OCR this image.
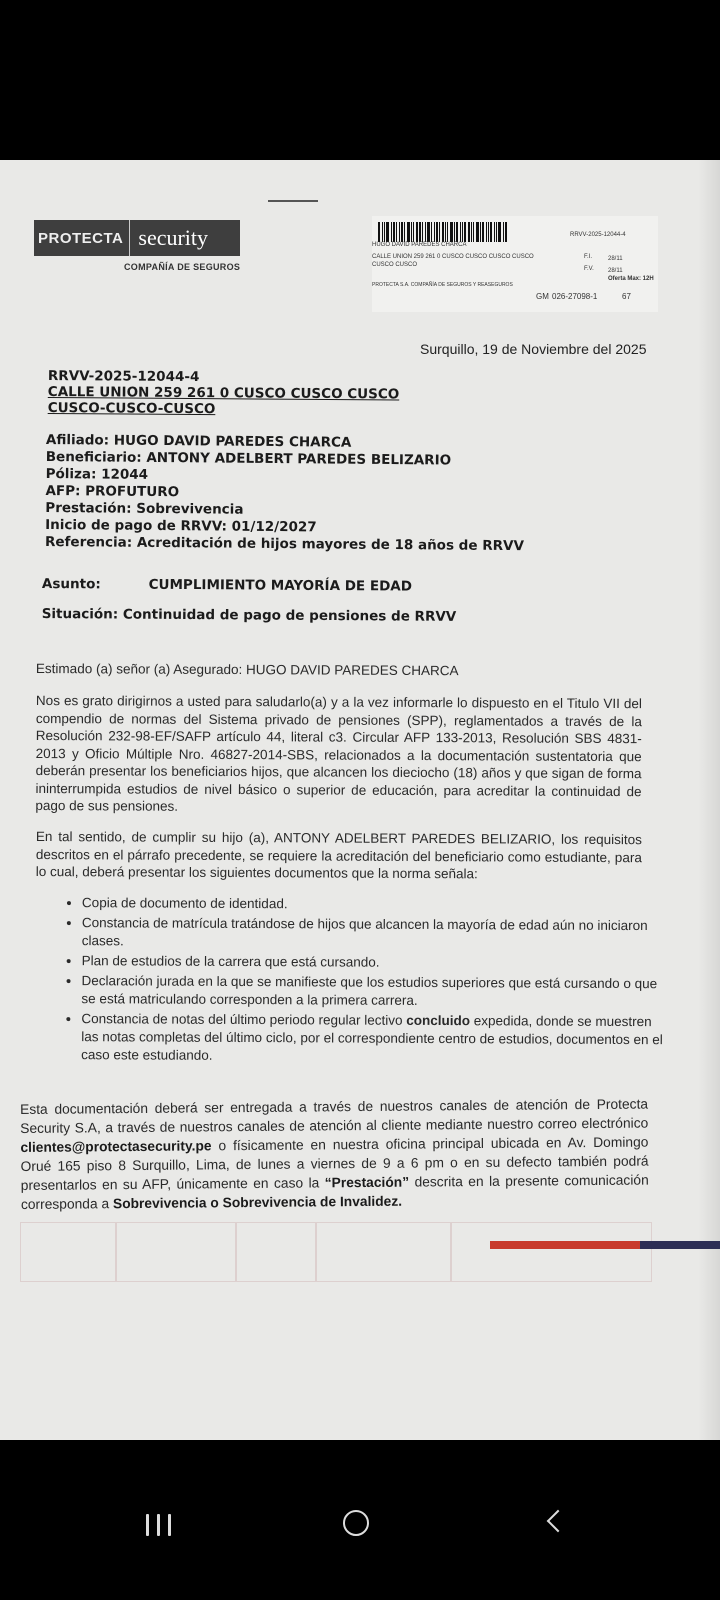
PROTECTA security
COMPAÑÍA DE SEGUROS
RRVV-2025-12044-4
HUGO DAVID PAREDES CHARCA
CALLE UNION 259 261 0 CUSCO CUSCO CUSCO CUSCO
CUSCO CUSCO
F.I.	28/11
F.V. 28/11
Oferta Max: 12H
PROTECTA S.A. COMPAÑÍA DE SEGUROS Y REASEGUROS
GM 026-27098-1	67
Surquillo, 19 de Noviembre del 2025
RRVV-2025-12044-4
CALLE UNION 259 261 0 CUSCO CUSCO CUSCO
CUSCO-CUSCO-CUSCO
Afiliado: HUGO DAVID PAREDES CHARCA
Beneficiario: ANTONY ADELBERT PAREDES BELIZARIO
Póliza: 12044
AFP: PROFUTURO
Prestación: Sobrevivencia
Inicio de pago de RRVV: 01/12/2027
Referencia: Acreditación de hijos mayores de 18 años de RRVV
Asunto:	CUMPLIMIENTO MAYORÍA DE EDAD
Situación: Continuidad de pago de pensiones de RRVV
Estimado (a) señor (a) Asegurado: HUGO DAVID PAREDES CHARCA
Nos es grato dirigirnos a usted para saludarlo(a) y a la vez informarle lo dispuesto en el Titulo VII del compendio de normas del Sistema privado de pensiones (SPP), reglamentados a través de la Resolución 232-98-EF/SAFP artículo 44, literal c3. Circular AFP 133-2013, Resolución SBS 4831-2013 y Oficio Múltiple Nro. 46827-2014-SBS, relacionados a la documentación sustentatoria que deberán presentar los beneficiarios hijos, que alcancen los dieciocho (18) años y que sigan de forma ininterrumpida estudios de nivel básico o superior de educación, para acreditar la continuidad de pago de sus pensiones.
En tal sentido, de cumplir su hijo (a), ANTONY ADELBERT PAREDES BELIZARIO, los requisitos descritos en el párrafo precedente, se requiere la acreditación del beneficiario como estudiante, para lo cual, deberá presentar los siguientes documentos que la norma señala:
• Copia de documento de identidad.
• Constancia de matrícula tratándose de hijos que alcancen la mayoría de edad aún no iniciaron clases.
• Plan de estudios de la carrera que está cursando.
• Declaración jurada en la que se manifieste que los estudios superiores que está cursando o que se está matriculando corresponden a la primera carrera.
• Constancia de notas del último periodo regular lectivo concluido expedida, donde se muestren las notas completas del último ciclo, por el correspondiente centro de estudios, documentos en el caso este estudiando.
Esta documentación deberá ser entregada a través de nuestros canales de atención de Protecta Security S.A, a través de nuestros canales de atención al cliente mediante nuestro correo electrónico clientes@protectasecurity.pe o físicamente en nuestra oficina principal ubicada en Av. Domingo Orué 165 piso 8 Surquillo, Lima, de lunes a viernes de 9 a 6 pm o en su defecto también podrá presentarlos en su AFP, únicamente en caso la “Prestación” descrita en la presente comunicación corresponda a Sobrevivencia o Sobrevivencia de Invalidez.
